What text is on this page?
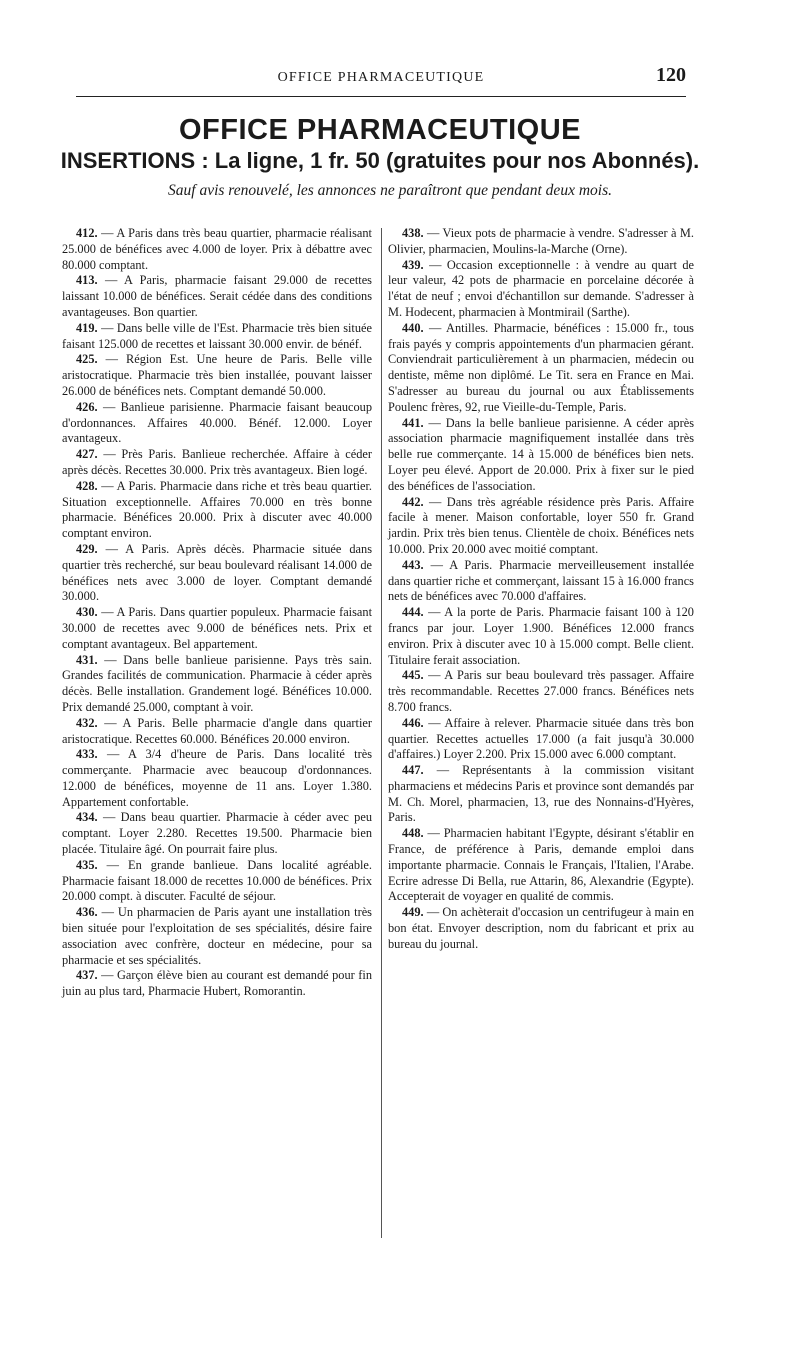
OFFICE PHARMACEUTIQUE	120
OFFICE PHARMACEUTIQUE
INSERTIONS : La ligne, 1 fr. 50 (gratuites pour nos Abonnés).
Sauf avis renouvelé, les annonces ne paraîtront que pendant deux mois.

412. — A Paris dans très beau quartier, pharmacie réalisant 25.000 de bénéfices avec 4.000 de loyer. Prix à débattre avec 80.000 comptant.

413. — A Paris, pharmacie faisant 29.000 de recettes laissant 10.000 de bénéfices. Serait cédée dans des conditions avantageuses. Bon quartier.

419. — Dans belle ville de l'Est. Pharmacie très bien située faisant 125.000 de recettes et laissant 30.000 envir. de bénéf.

425. — Région Est. Une heure de Paris. Belle ville aristocratique. Pharmacie très bien installée, pouvant laisser 26.000 de bénéfices nets. Comptant demandé 50.000.

426. — Banlieue parisienne. Pharmacie faisant beaucoup d'ordonnances. Affaires 40.000. Bénéf. 12.000. Loyer avantageux.

427. — Près Paris. Banlieue recherchée. Affaire à céder après décès. Recettes 30.000. Prix très avantageux. Bien logé.

428. — A Paris. Pharmacie dans riche et très beau quartier. Situation exceptionnelle. Affaires 70.000 en très bonne pharmacie. Bénéfices 20.000. Prix à discuter avec 40.000 comptant environ.

429. — A Paris. Après décès. Pharmacie située dans quartier très recherché, sur beau boulevard réalisant 14.000 de bénéfices nets avec 3.000 de loyer. Comptant demandé 30.000.

430. — A Paris. Dans quartier populeux. Pharmacie faisant 30.000 de recettes avec 9.000 de bénéfices nets. Prix et comptant avantageux. Bel appartement.

431. — Dans belle banlieue parisienne. Pays très sain. Grandes facilités de communication. Pharmacie à céder après décès. Belle installation. Grandement logé. Bénéfices 10.000. Prix demandé 25.000, comptant à voir.

432. — A Paris. Belle pharmacie d'angle dans quartier aristocratique. Recettes 60.000. Bénéfices 20.000 environ.

433. — A 3/4 d'heure de Paris. Dans localité très commerçante. Pharmacie avec beaucoup d'ordonnances. 12.000 de bénéfices, moyenne de 11 ans. Loyer 1.380. Appartement confortable.

434. — Dans beau quartier. Pharmacie à céder avec peu comptant. Loyer 2.280. Recettes 19.500. Pharmacie bien placée. Titulaire âgé. On pourrait faire plus.

435. — En grande banlieue. Dans localité agréable. Pharmacie faisant 18.000 de recettes 10.000 de bénéfices. Prix 20.000 compt. à discuter. Faculté de séjour.

436. — Un pharmacien de Paris ayant une installation très bien située pour l'exploitation de ses spécialités, désire faire association avec confrère, docteur en médecine, pour sa pharmacie et ses spécialités.

437. — Garçon élève bien au courant est demandé pour fin juin au plus tard, Pharmacie Hubert, Romorantin.

438. — Vieux pots de pharmacie à vendre. S'adresser à M. Olivier, pharmacien, Moulins-la-Marche (Orne).

439. — Occasion exceptionnelle : à vendre au quart de leur valeur, 42 pots de pharmacie en porcelaine décorée à l'état de neuf ; envoi d'échantillon sur demande. S'adresser à M. Hodecent, pharmacien à Montmirail (Sarthe).

440. — Antilles. Pharmacie, bénéfices : 15.000 fr., tous frais payés y compris appointements d'un pharmacien gérant. Conviendrait particulièrement à un pharmacien, médecin ou dentiste, même non diplômé. Le Tit. sera en France en Mai. S'adresser au bureau du journal ou aux Établissements Poulenc frères, 92, rue Vieille-du-Temple, Paris.

441. — Dans la belle banlieue parisienne. A céder après association pharmacie magnifiquement installée dans très belle rue commerçante. 14 à 15.000 de bénéfices bien nets. Loyer peu élevé. Apport de 20.000. Prix à fixer sur le pied des bénéfices de l'association.

442. — Dans très agréable résidence près Paris. Affaire facile à mener. Maison confortable, loyer 550 fr. Grand jardin. Prix très bien tenus. Clientèle de choix. Bénéfices nets 10.000. Prix 20.000 avec moitié comptant.

443. — A Paris. Pharmacie merveilleusement installée dans quartier riche et commerçant, laissant 15 à 16.000 francs nets de bénéfices avec 70.000 d'affaires.

444. — A la porte de Paris. Pharmacie faisant 100 à 120 francs par jour. Loyer 1.900. Bénéfices 12.000 francs environ. Prix à discuter avec 10 à 15.000 compt. Belle client. Titulaire ferait association.

445. — A Paris sur beau boulevard très passager. Affaire très recommandable. Recettes 27.000 francs. Bénéfices nets 8.700 francs.

446. — Affaire à relever. Pharmacie située dans très bon quartier. Recettes actuelles 17.000 (a fait jusqu'à 30.000 d'affaires.) Loyer 2.200. Prix 15.000 avec 6.000 comptant.

447. — Représentants à la commission visitant pharmaciens et médecins Paris et province sont demandés par M. Ch. Morel, pharmacien, 13, rue des Nonnains-d'Hyères, Paris.

448. — Pharmacien habitant l'Egypte, désirant s'établir en France, de préférence à Paris, demande emploi dans importante pharmacie. Connais le Français, l'Italien, l'Arabe. Ecrire adresse Di Bella, rue Attarin, 86, Alexandrie (Egypte). Accepterait de voyager en qualité de commis.

449. — On achèterait d'occasion un centrifugeur à main en bon état. Envoyer description, nom du fabricant et prix au bureau du journal.
